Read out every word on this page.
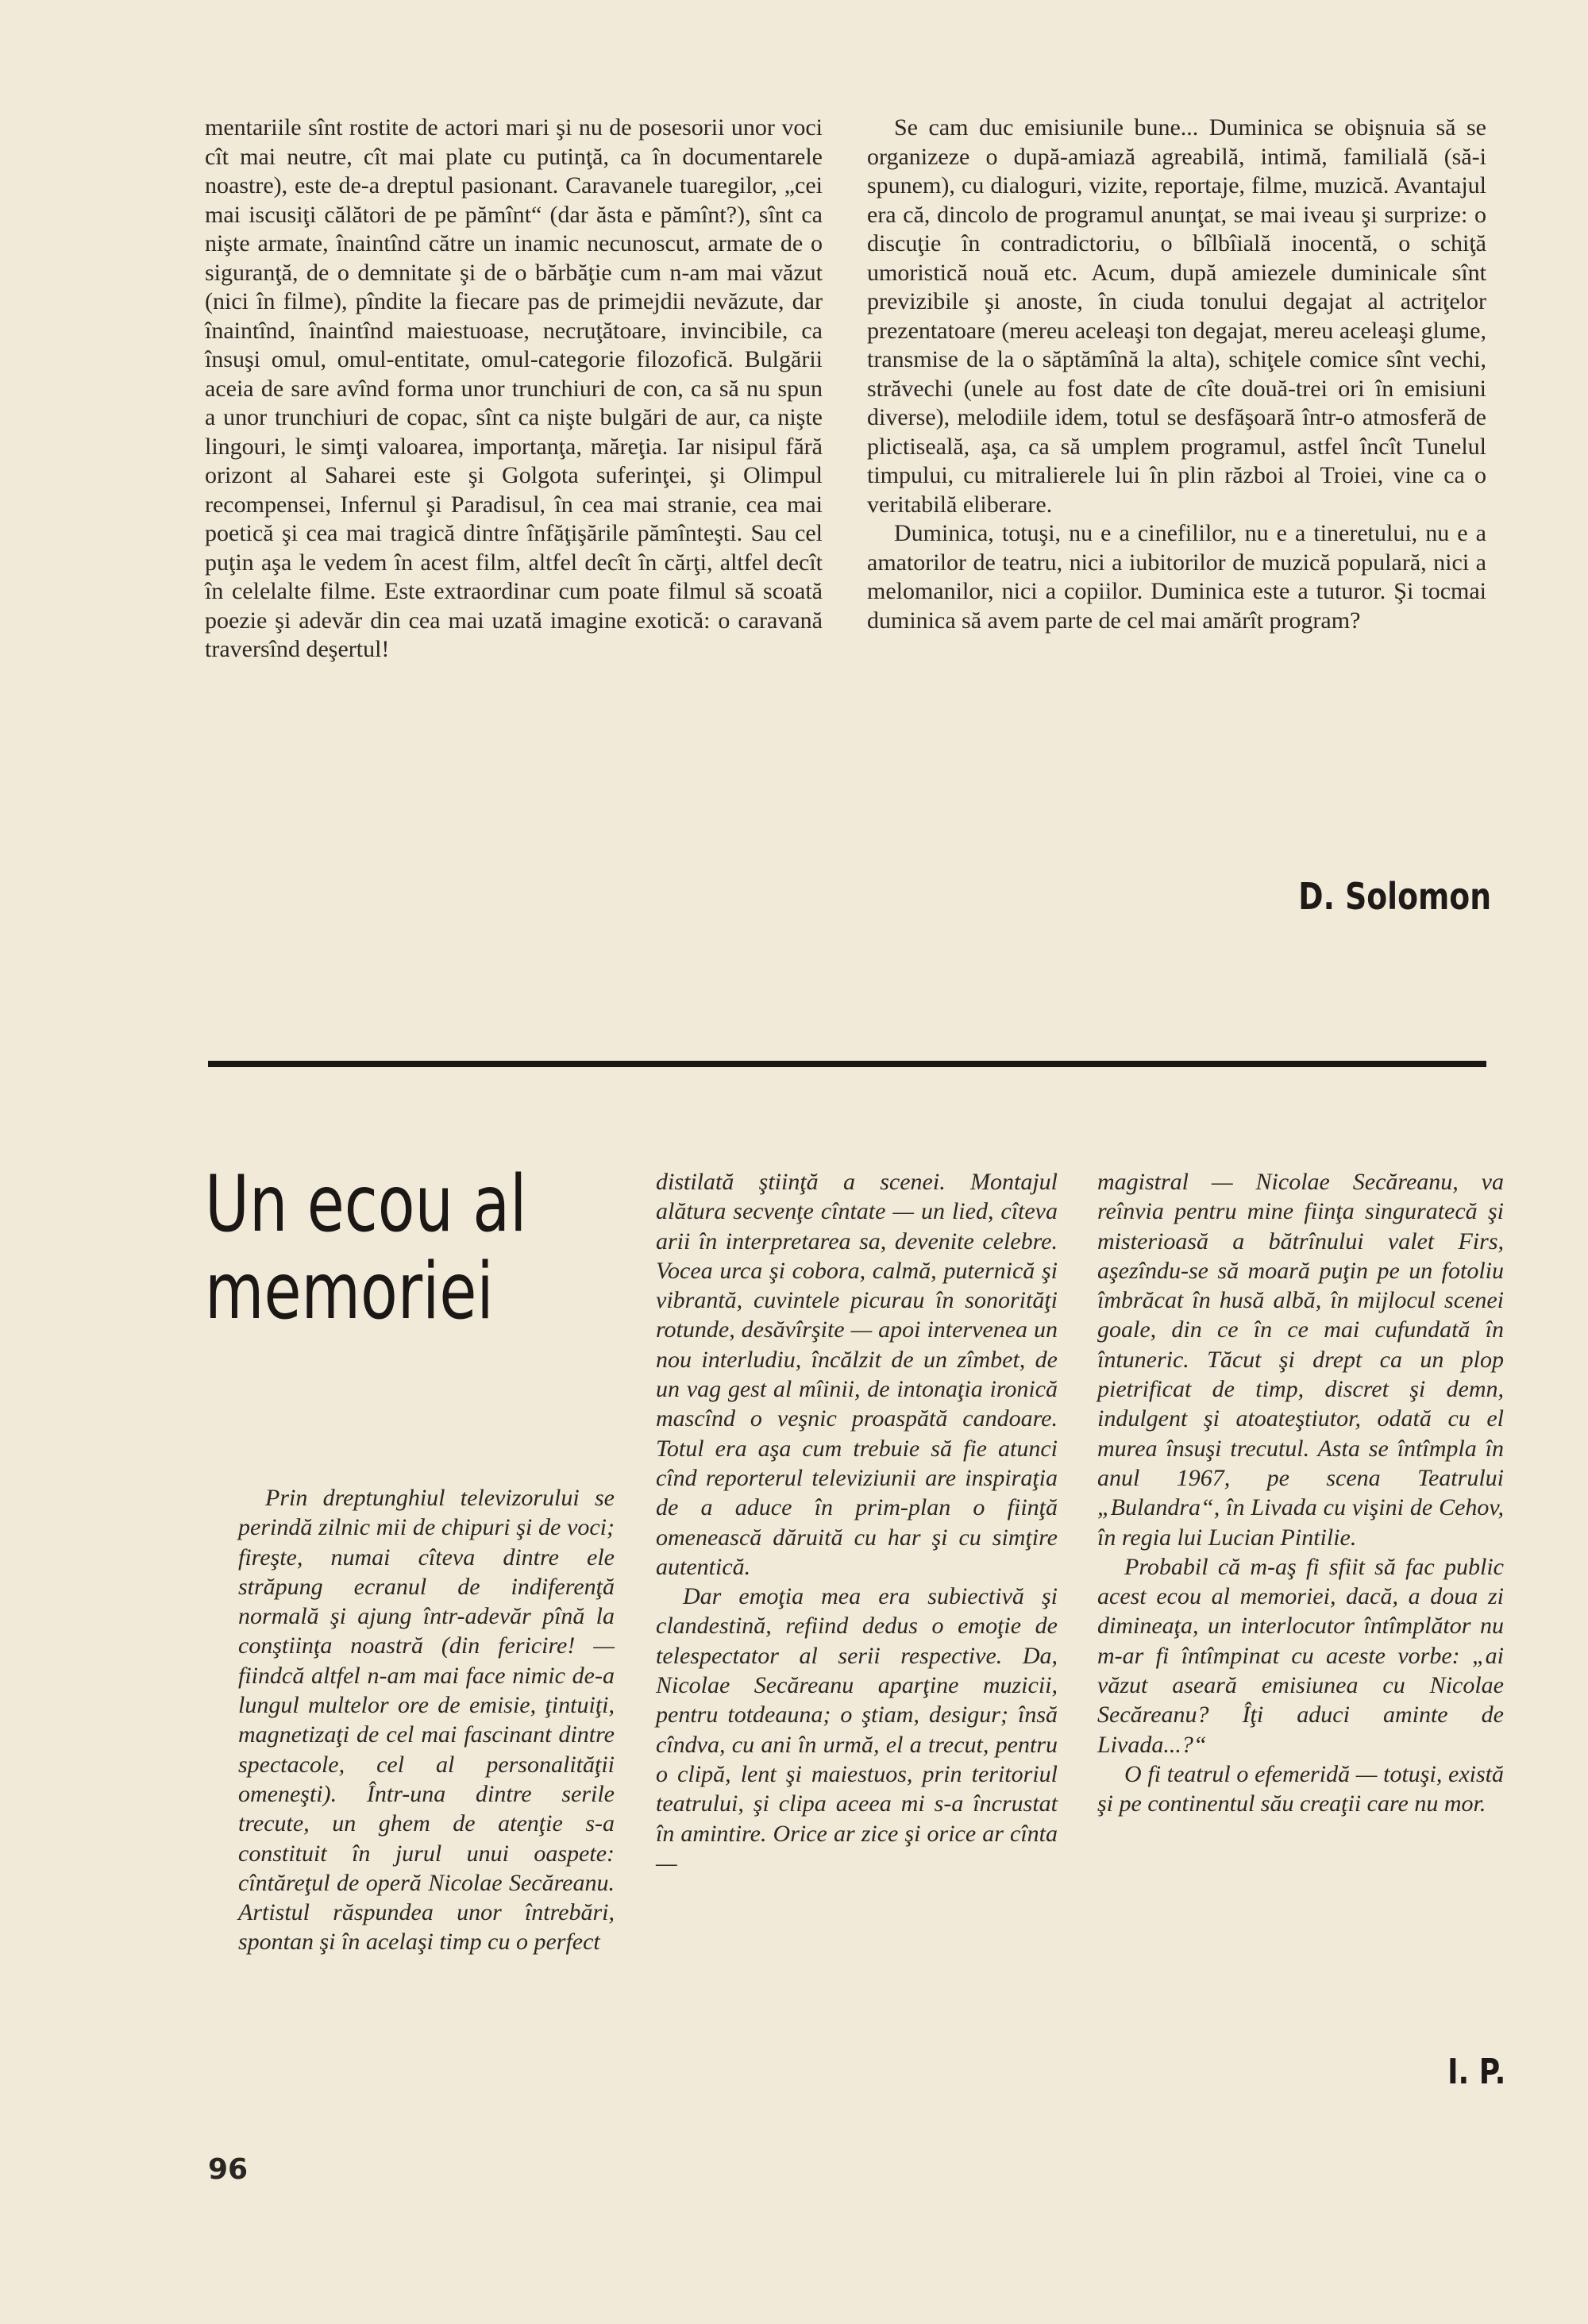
mentariile sînt rostite de actori mari şi nu de posesorii unor voci cît mai neutre, cît mai plate cu putinţă, ca în documentarele noastre), este de-a dreptul pasionant. Caravanele tuaregilor, „cei mai iscusiţi călători de pe pămînt“ (dar ăsta e pămînt?), sînt ca nişte armate, înaintînd către un inamic necunoscut, armate de o siguranţă, de o demnitate şi de o bărbăţie cum n-am mai văzut (nici în filme), pîndite la fiecare pas de primejdii nevăzute, dar înaintînd, înaintînd maiestuoase, necruţătoare, invincibile, ca însuşi omul, omul-entitate, omul-categorie filozofică. Bulgării aceia de sare avînd forma unor trunchiuri de con, ca să nu spun a unor trunchiuri de copac, sînt ca nişte bulgări de aur, ca nişte lingouri, le simţi valoarea, importanţa, măreţia. Iar nisipul fără orizont al Saharei este şi Golgota suferinţei, şi Olimpul recompensei, Infernul şi Paradisul, în cea mai stranie, cea mai poetică şi cea mai tragică dintre înfăţişările pămînteşti. Sau cel puţin aşa le vedem în acest film, altfel decît în cărţi, altfel decît în celelalte filme. Este extraordinar cum poate filmul să scoată poezie şi adevăr din cea mai uzată imagine exotică: o caravană traversînd deşertul!

Se cam duc emisiunile bune... Duminica se obişnuia să se organizeze o după-amiază agreabilă, intimă, familială (să-i spunem), cu dialoguri, vizite, reportaje, filme, muzică. Avantajul era că, dincolo de programul anunţat, se mai iveau şi surprize: o discuţie în contradictoriu, o bîlbîială inocentă, o schiţă umoristică nouă etc. Acum, după amiezele duminicale sînt previzibile şi anoste, în ciuda tonului degajat al actriţelor prezentatoare (mereu aceleaşi ton degajat, mereu aceleaşi glume, transmise de la o săptămînă la alta), schiţele comice sînt vechi, străvechi (unele au fost date de cîte două-trei ori în emisiuni diverse), melodiile idem, totul se desfăşoară într-o atmosferă de plictiseală, aşa, ca să umplem programul, astfel încît Tunelul timpului, cu mitralierele lui în plin război al Troiei, vine ca o veritabilă eliberare.

Duminica, totuşi, nu e a cinefililor, nu e a tineretului, nu e a amatorilor de teatru, nici a iubitorilor de muzică populară, nici a melomanilor, nici a copiilor. Duminica este a tuturor. Şi tocmai duminica să avem parte de cel mai amărît program?

D. Solomon
Un ecou al
memoriei

Prin dreptunghiul televizorului se perindă zilnic mii de chipuri şi de voci; fireşte, numai cîteva dintre ele străpung ecranul de indiferenţă normală şi ajung într-adevăr pînă la conştiinţa noastră (din fericire! — fiindcă altfel n-am mai face nimic de-a lungul multelor ore de emisie, ţintuiţi, magnetizaţi de cel mai fascinant dintre spectacole, cel al personalităţii omeneşti). Într-una dintre serile trecute, un ghem de atenţie s-a constituit în jurul unui oaspete: cîntăreţul de operă Nicolae Secăreanu. Artistul răspundea unor întrebări, spontan şi în acelaşi timp cu o perfect

distilată ştiinţă a scenei. Montajul alătura secvenţe cîntate — un lied, cîteva arii în interpretarea sa, devenite celebre. Vocea urca şi cobora, calmă, puternică şi vibrantă, cuvintele picurau în sonorităţi rotunde, desăvîrşite — apoi intervenea un nou interludiu, încălzit de un zîmbet, de un vag gest al mîinii, de intonaţia ironică mascînd o veşnic proaspătă candoare. Totul era aşa cum trebuie să fie atunci cînd reporterul televiziunii are inspiraţia de a aduce în prim-plan o fiinţă omenească dăruită cu har şi cu simţire autentică.

Dar emoţia mea era subiectivă şi clandestină, refiind dedus o emoţie de telespectator al serii respective. Da, Nicolae Secăreanu aparţine muzicii, pentru totdeauna; o ştiam, desigur; însă cîndva, cu ani în urmă, el a trecut, pentru o clipă, lent şi maiestuos, prin teritoriul teatrului, şi clipa aceea mi s-a încrustat în amintire. Orice ar zice şi orice ar cînta —

magistral — Nicolae Secăreanu, va reînvia pentru mine fiinţa singuratecă şi misterioasă a bătrînului valet Firs, aşezîndu-se să moară puţin pe un fotoliu îmbrăcat în husă albă, în mijlocul scenei goale, din ce în ce mai cufundată în întuneric. Tăcut şi drept ca un plop pietrificat de timp, discret şi demn, indulgent şi atoateştiutor, odată cu el murea însuşi trecutul. Asta se întîmpla în anul 1967, pe scena Teatrului „Bulandra“, în Livada cu vişini de Cehov, în regia lui Lucian Pintilie.

Probabil că m-aş fi sfiit să fac public acest ecou al memoriei, dacă, a doua zi dimineaţa, un interlocutor întîmplător nu m-ar fi întîmpinat cu aceste vorbe: „ai văzut aseară emisiunea cu Nicolae Secăreanu? Îţi aduci aminte de Livada...?“

O fi teatrul o efemeridă — totuşi, există şi pe continentul său creaţii care nu mor.

I. P.
96
